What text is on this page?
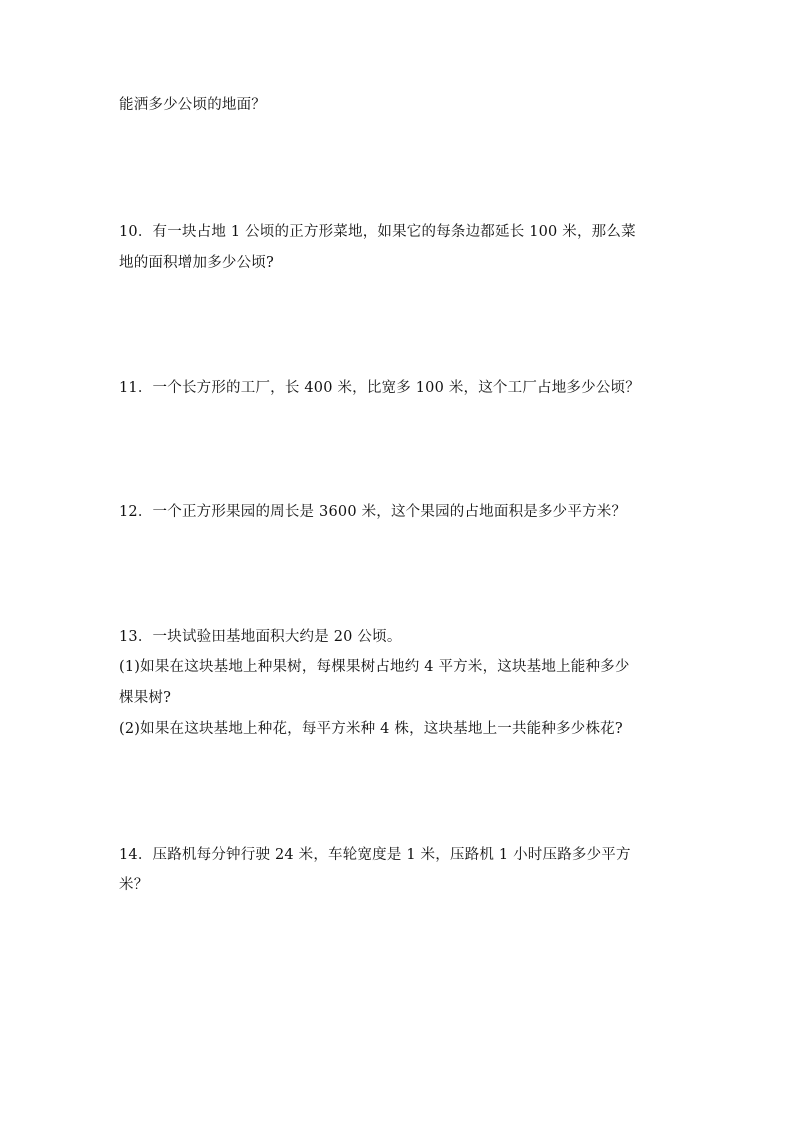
能洒多少公顷的地面？
10．有一块占地 1 公顷的正方形菜地，如果它的每条边都延长 100 米，那么菜
地的面积增加多少公顷?
11．一个长方形的工厂，长 400 米，比宽多 100 米，这个工厂占地多少公顷？
12．一个正方形果园的周长是 3600 米，这个果园的占地面积是多少平方米？
13．一块试验田基地面积大约是 20 公顷。
(1)如果在这块基地上种果树，每棵果树占地约 4 平方米，这块基地上能种多少
棵果树?
(2)如果在这块基地上种花，每平方米种 4 株，这块基地上一共能种多少株花?
14．压路机每分钟行驶 24 米，车轮宽度是 1 米，压路机 1 小时压路多少平方
米？
